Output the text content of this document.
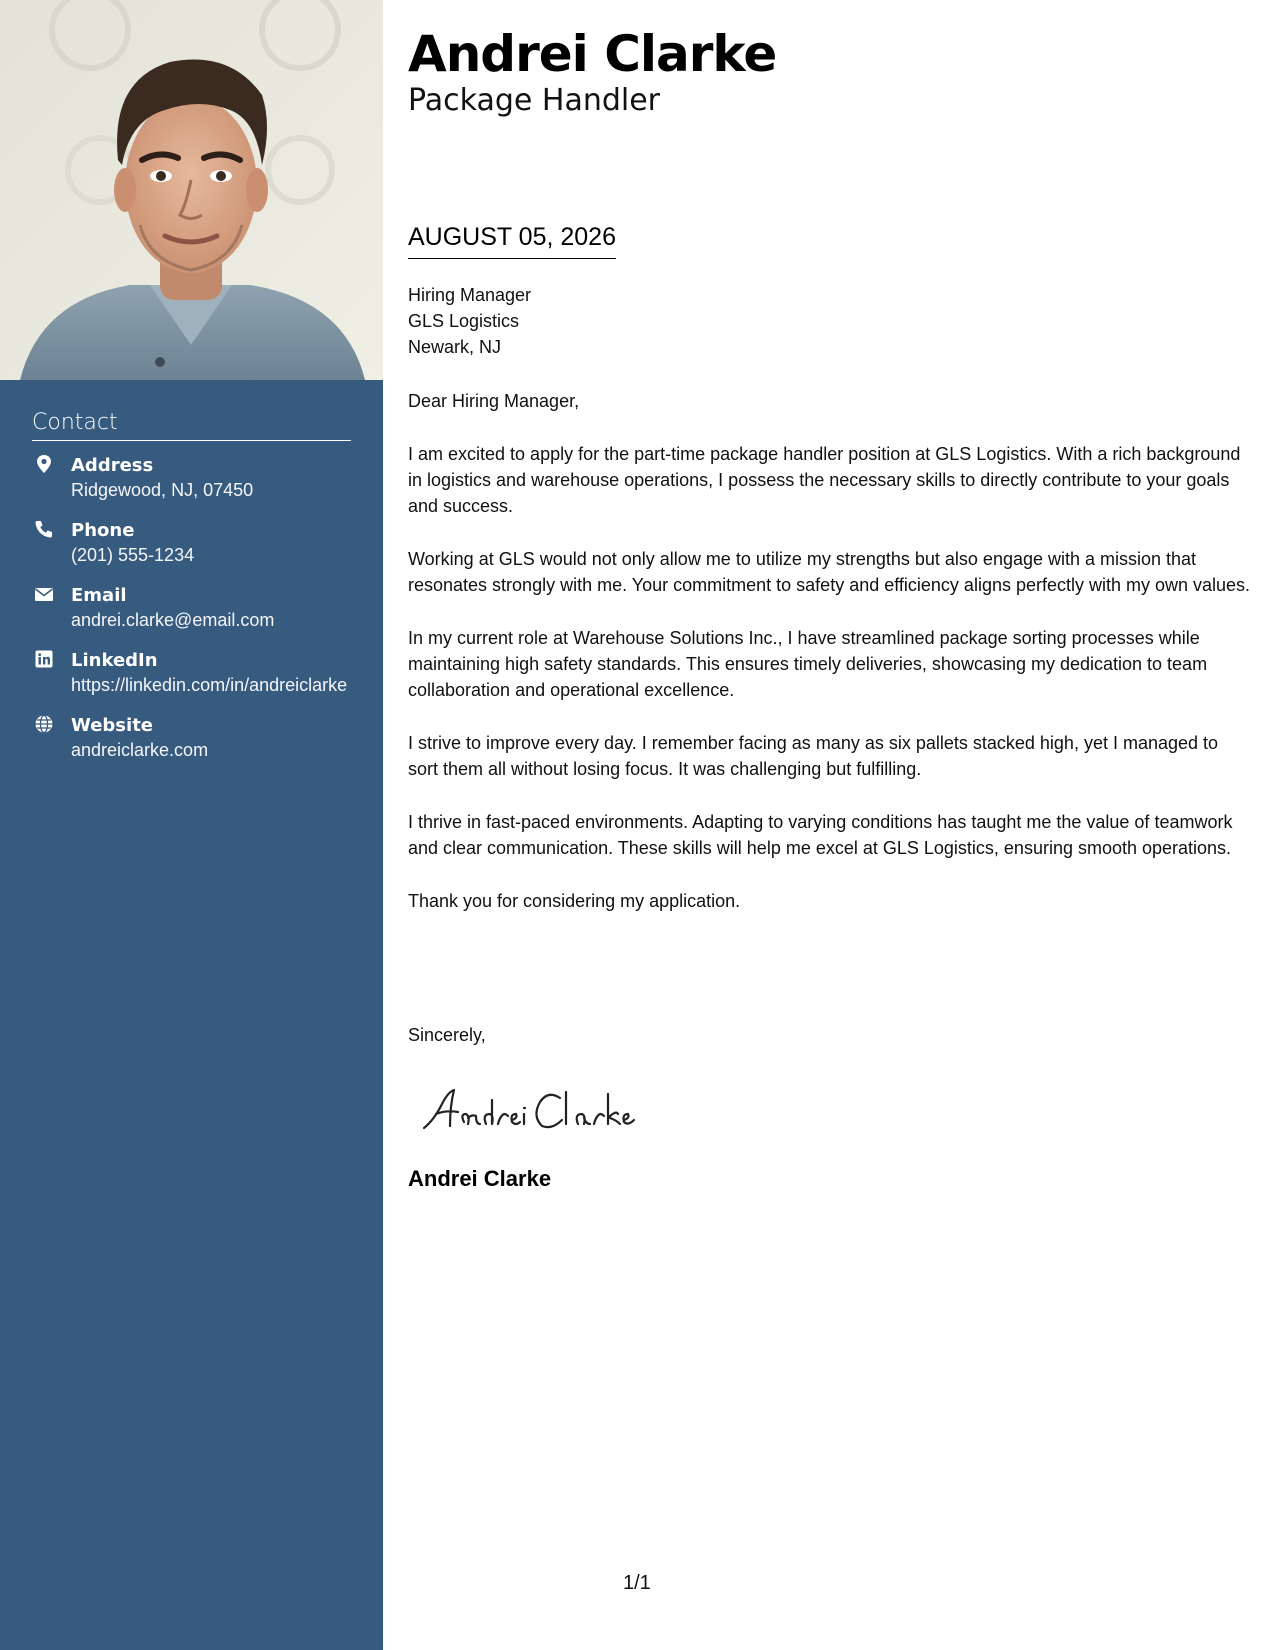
Contact
Address
Ridgewood, NJ, 07450
Phone
(201) 555-1234
Email
andrei.clarke@email.com
LinkedIn
https://linkedin.com/in/andreiclarke
Website
andreiclarke.com
Andrei Clarke
Package Handler
AUGUST 05, 2026
Hiring Manager
GLS Logistics
Newark, NJ

Dear Hiring Manager,

I am excited to apply for the part-time package handler position at GLS Logistics. With a rich background in logistics and warehouse operations, I possess the necessary skills to directly contribute to your goals and success.

Working at GLS would not only allow me to utilize my strengths but also engage with a mission that resonates strongly with me. Your commitment to safety and efficiency aligns perfectly with my own values.

In my current role at Warehouse Solutions Inc., I have streamlined package sorting processes while maintaining high safety standards. This ensures timely deliveries, showcasing my dedication to team collaboration and operational excellence.

I strive to improve every day. I remember facing as many as six pallets stacked high, yet I managed to sort them all without losing focus. It was challenging but fulfilling.

I thrive in fast-paced environments. Adapting to varying conditions has taught me the value of teamwork and clear communication. These skills will help me excel at GLS Logistics, ensuring smooth operations.

Thank you for considering my application.

Sincerely,
Andrei Clarke
1/1
